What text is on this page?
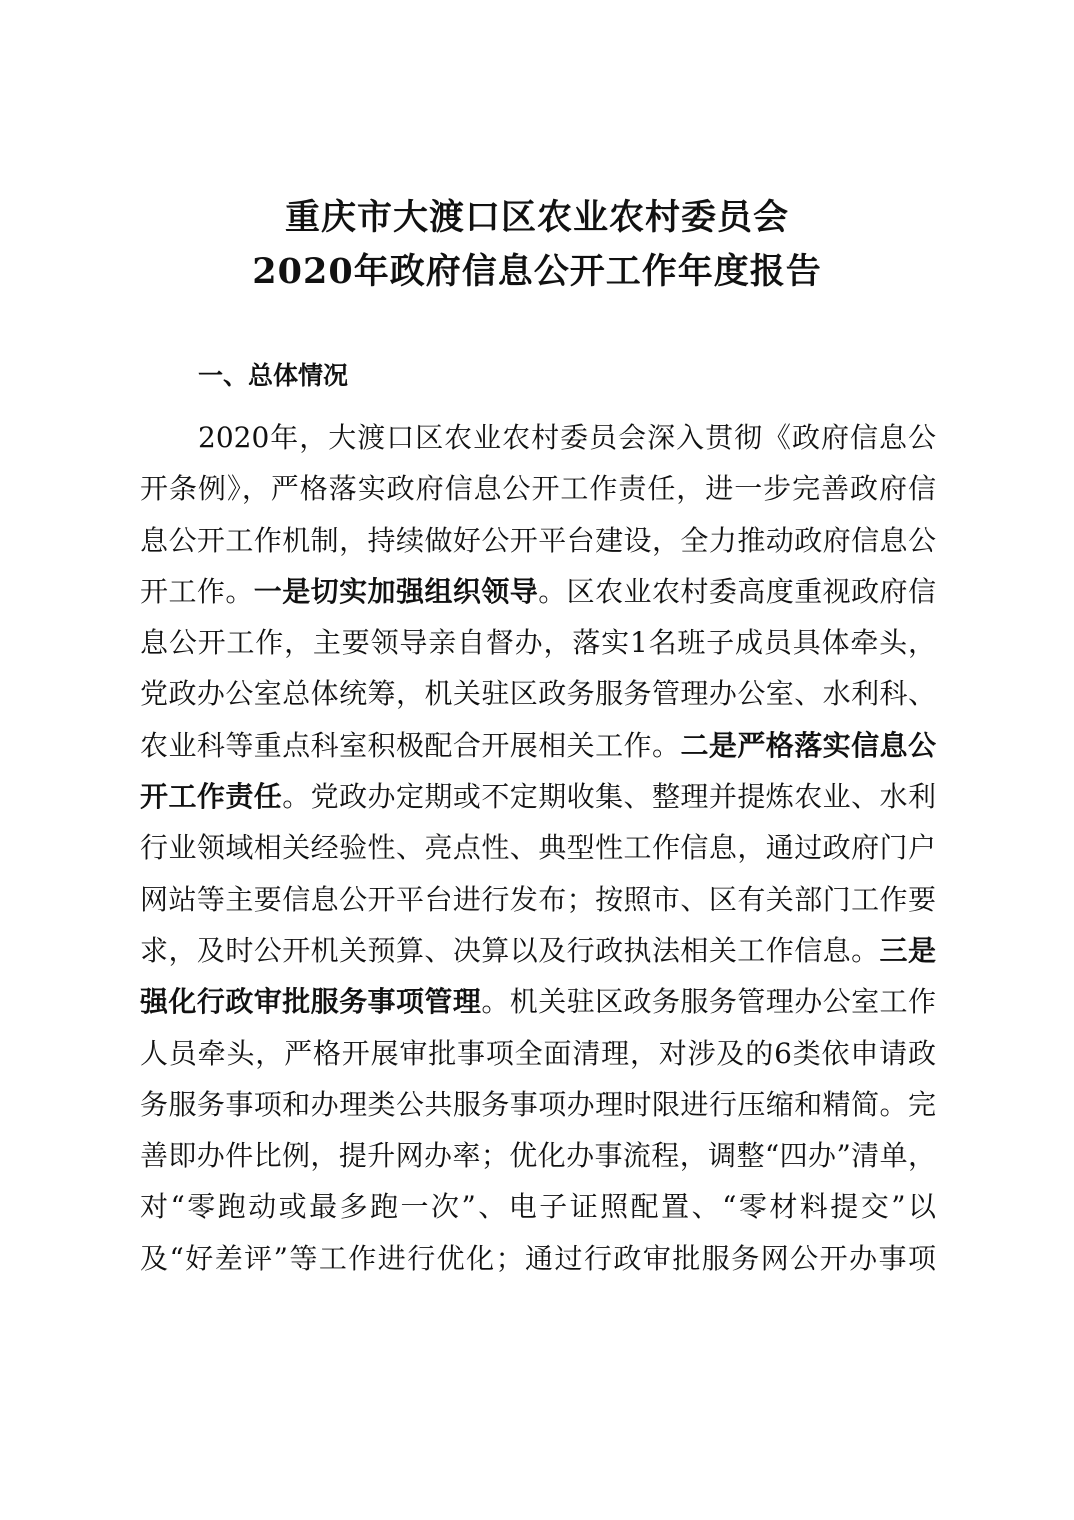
重庆市大渡口区农业农村委员会
2020年政府信息公开工作年度报告
一、总体情况
2020年，大渡口区农业农村委员会深入贯彻《政府信息公
开条例》，严格落实政府信息公开工作责任，进一步完善政府信
息公开工作机制，持续做好公开平台建设，全力推动政府信息公
开工作。一是切实加强组织领导。区农业农村委高度重视政府信
息公开工作，主要领导亲自督办，落实1名班子成员具体牵头，
党政办公室总体统筹，机关驻区政务服务管理办公室、水利科、
农业科等重点科室积极配合开展相关工作。二是严格落实信息公
开工作责任。党政办定期或不定期收集、整理并提炼农业、水利
行业领域相关经验性、亮点性、典型性工作信息，通过政府门户
网站等主要信息公开平台进行发布；按照市、区有关部门工作要
求，及时公开机关预算、决算以及行政执法相关工作信息。三是
强化行政审批服务事项管理。机关驻区政务服务管理办公室工作
人员牵头，严格开展审批事项全面清理，对涉及的6类依申请政
务服务事项和办理类公共服务事项办理时限进行压缩和精简。完
善即办件比例，提升网办率；优化办事流程，调整“四办”清单，
对“零跑动或最多跑一次”、电子证照配置、“零材料提交”以
及“好差评”等工作进行优化；通过行政审批服务网公开办事项
